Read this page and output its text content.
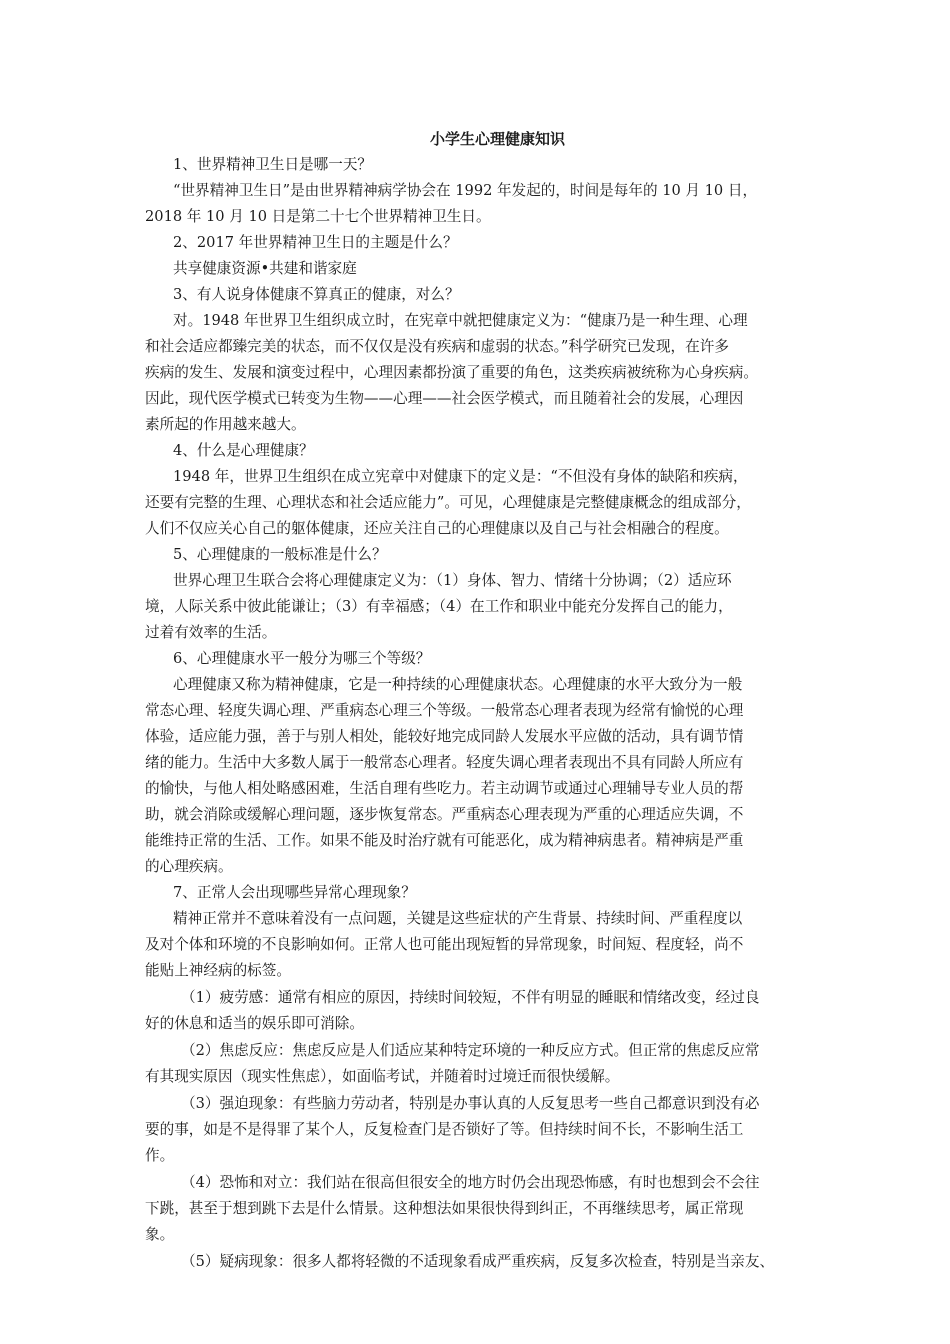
小学生心理健康知识
1、世界精神卫生日是哪一天？
“世界精神卫生日”是由世界精神病学协会在 1992 年发起的，时间是每年的 10 月 10 日，
2018 年 10 月 10 日是第二十七个世界精神卫生日。
2、2017 年世界精神卫生日的主题是什么？
共享健康资源•共建和谐家庭
3、有人说身体健康不算真正的健康，对么？
对。1948 年世界卫生组织成立时，在宪章中就把健康定义为：“健康乃是一种生理、心理
和社会适应都臻完美的状态，而不仅仅是没有疾病和虚弱的状态。”科学研究已发现，在许多
疾病的发生、发展和演变过程中，心理因素都扮演了重要的角色，这类疾病被统称为心身疾病。
因此，现代医学模式已转变为生物——心理——社会医学模式，而且随着社会的发展，心理因
素所起的作用越来越大。
4、什么是心理健康？
1948 年，世界卫生组织在成立宪章中对健康下的定义是：“不但没有身体的缺陷和疾病，
还要有完整的生理、心理状态和社会适应能力”。可见，心理健康是完整健康概念的组成部分，
人们不仅应关心自己的躯体健康，还应关注自己的心理健康以及自己与社会相融合的程度。
5、心理健康的一般标准是什么？
世界心理卫生联合会将心理健康定义为：（1）身体、智力、情绪十分协调；（2）适应环
境，人际关系中彼此能谦让；（3）有幸福感；（4）在工作和职业中能充分发挥自己的能力，
过着有效率的生活。
6、心理健康水平一般分为哪三个等级？
心理健康又称为精神健康，它是一种持续的心理健康状态。心理健康的水平大致分为一般
常态心理、轻度失调心理、严重病态心理三个等级。一般常态心理者表现为经常有愉悦的心理
体验，适应能力强，善于与别人相处，能较好地完成同龄人发展水平应做的活动，具有调节情
绪的能力。生活中大多数人属于一般常态心理者。轻度失调心理者表现出不具有同龄人所应有
的愉快，与他人相处略感困难，生活自理有些吃力。若主动调节或通过心理辅导专业人员的帮
助，就会消除或缓解心理问题，逐步恢复常态。严重病态心理表现为严重的心理适应失调，不
能维持正常的生活、工作。如果不能及时治疗就有可能恶化，成为精神病患者。精神病是严重
的心理疾病。
7、正常人会出现哪些异常心理现象？
精神正常并不意味着没有一点问题，关键是这些症状的产生背景、持续时间、严重程度以
及对个体和环境的不良影响如何。正常人也可能出现短暂的异常现象，时间短、程度轻，尚不
能贴上神经病的标签。
（1）疲劳感：通常有相应的原因，持续时间较短，不伴有明显的睡眠和情绪改变，经过良
好的休息和适当的娱乐即可消除。
（2）焦虑反应：焦虑反应是人们适应某种特定环境的一种反应方式。但正常的焦虑反应常
有其现实原因（现实性焦虑），如面临考试，并随着时过境迁而很快缓解。
（3）强迫现象：有些脑力劳动者，特别是办事认真的人反复思考一些自己都意识到没有必
要的事，如是不是得罪了某个人，反复检查门是否锁好了等。但持续时间不长，不影响生活工
作。
（4）恐怖和对立：我们站在很高但很安全的地方时仍会出现恐怖感，有时也想到会不会往
下跳，甚至于想到跳下去是什么情景。这种想法如果很快得到纠正，不再继续思考，属正常现
象。
（5）疑病现象：很多人都将轻微的不适现象看成严重疾病，反复多次检查，特别是当亲友、
